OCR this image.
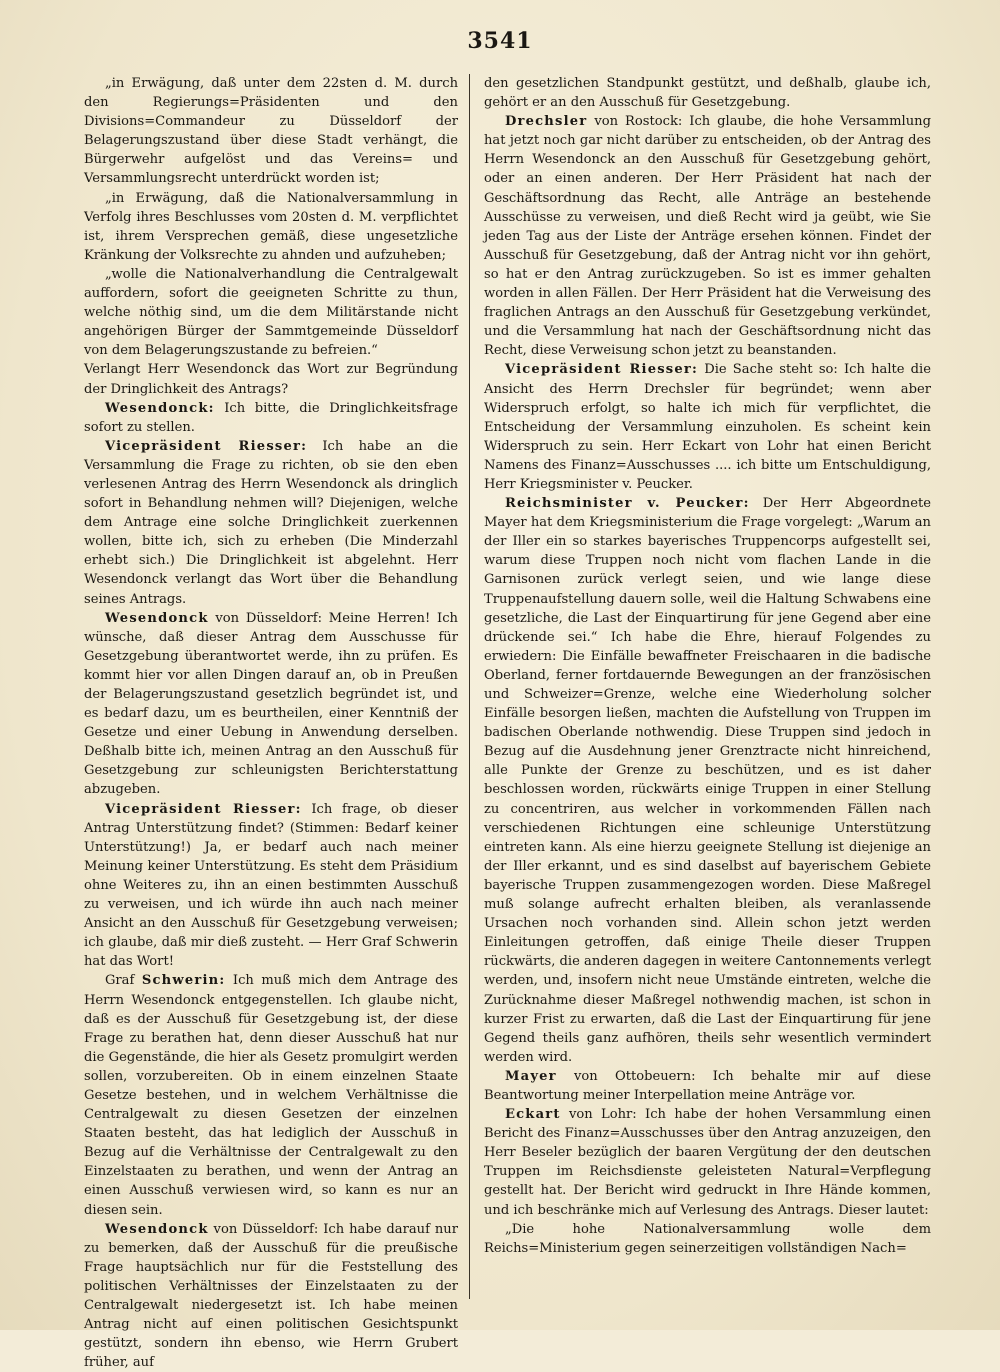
3541

„in Erwägung, daß unter dem 22sten d. M. durch den Regierungs=Präsidenten und den Divisions=Commandeur zu Düsseldorf der Belagerungszustand über diese Stadt verhängt, die Bürgerwehr aufgelöst und das Vereins= und Versammlungsrecht unterdrückt worden ist;

„in Erwägung, daß die Nationalversammlung in Verfolg ihres Beschlusses vom 20sten d. M. verpflichtet ist, ihrem Versprechen gemäß, diese ungesetzliche Kränkung der Volksrechte zu ahnden und aufzuheben;

„wolle die Nationalverhandlung die Centralgewalt auffordern, sofort die geeigneten Schritte zu thun, welche nöthig sind, um die dem Militärstande nicht angehörigen Bürger der Sammtgemeinde Düsseldorf von dem Belagerungszustande zu befreien.“

Verlangt Herr Wesendonck das Wort zur Begründung der Dringlichkeit des Antrags?

Wesendonck: Ich bitte, die Dringlichkeitsfrage sofort zu stellen.

Vicepräsident Riesser: Ich habe an die Versammlung die Frage zu richten, ob sie den eben verlesenen Antrag des Herrn Wesendonck als dringlich sofort in Behandlung nehmen will? Diejenigen, welche dem Antrage eine solche Dringlichkeit zuerkennen wollen, bitte ich, sich zu erheben (Die Minderzahl erhebt sich.) Die Dringlichkeit ist abgelehnt. Herr Wesendonck verlangt das Wort über die Behandlung seines Antrags.

Wesendonck von Düsseldorf: Meine Herren! Ich wünsche, daß dieser Antrag dem Ausschusse für Gesetzgebung überantwortet werde, ihn zu prüfen. Es kommt hier vor allen Dingen darauf an, ob in Preußen der Belagerungszustand gesetzlich begründet ist, und es bedarf dazu, um es beurtheilen, einer Kenntniß der Gesetze und einer Uebung in Anwendung derselben. Deßhalb bitte ich, meinen Antrag an den Ausschuß für Gesetzgebung zur schleunigsten Berichterstattung abzugeben.

Vicepräsident Riesser: Ich frage, ob dieser Antrag Unterstützung findet? (Stimmen: Bedarf keiner Unterstützung!) Ja, er bedarf auch nach meiner Meinung keiner Unterstützung. Es steht dem Präsidium ohne Weiteres zu, ihn an einen bestimmten Ausschuß zu verweisen, und ich würde ihn auch nach meiner Ansicht an den Ausschuß für Gesetzgebung verweisen; ich glaube, daß mir dieß zusteht. — Herr Graf Schwerin hat das Wort!

Graf Schwerin: Ich muß mich dem Antrage des Herrn Wesendonck entgegenstellen. Ich glaube nicht, daß es der Ausschuß für Gesetzgebung ist, der diese Frage zu berathen hat, denn dieser Ausschuß hat nur die Gegenstände, die hier als Gesetz promulgirt werden sollen, vorzubereiten. Ob in einem einzelnen Staate Gesetze bestehen, und in welchem Verhältnisse die Centralgewalt zu diesen Gesetzen der einzelnen Staaten besteht, das hat lediglich der Ausschuß in Bezug auf die Verhältnisse der Centralgewalt zu den Einzelstaaten zu berathen, und wenn der Antrag an einen Ausschuß verwiesen wird, so kann es nur an diesen sein.

Wesendonck von Düsseldorf: Ich habe darauf nur zu bemerken, daß der Ausschuß für die preußische Frage hauptsächlich nur für die Feststellung des politischen Verhältnisses der Einzelstaaten zu der Centralgewalt niedergesetzt ist. Ich habe meinen Antrag nicht auf einen politischen Gesichtspunkt gestützt, sondern ihn ebenso, wie Herrn Grubert früher, auf

den gesetzlichen Standpunkt gestützt, und deßhalb, glaube ich, gehört er an den Ausschuß für Gesetzgebung.

Drechsler von Rostock: Ich glaube, die hohe Versammlung hat jetzt noch gar nicht darüber zu entscheiden, ob der Antrag des Herrn Wesendonck an den Ausschuß für Gesetzgebung gehört, oder an einen anderen. Der Herr Präsident hat nach der Geschäftsordnung das Recht, alle Anträge an bestehende Ausschüsse zu verweisen, und dieß Recht wird ja geübt, wie Sie jeden Tag aus der Liste der Anträge ersehen können. Findet der Ausschuß für Gesetzgebung, daß der Antrag nicht vor ihn gehört, so hat er den Antrag zurückzugeben. So ist es immer gehalten worden in allen Fällen. Der Herr Präsident hat die Verweisung des fraglichen Antrags an den Ausschuß für Gesetzgebung verkündet, und die Versammlung hat nach der Geschäftsordnung nicht das Recht, diese Verweisung schon jetzt zu beanstanden.

Vicepräsident Riesser: Die Sache steht so: Ich halte die Ansicht des Herrn Drechsler für begründet; wenn aber Widerspruch erfolgt, so halte ich mich für verpflichtet, die Entscheidung der Versammlung einzuholen. Es scheint kein Widerspruch zu sein. Herr Eckart von Lohr hat einen Bericht Namens des Finanz=Ausschusses .... ich bitte um Entschuldigung, Herr Kriegsminister v. Peucker.

Reichsminister v. Peucker: Der Herr Abgeordnete Mayer hat dem Kriegsministerium die Frage vorgelegt: „Warum an der Iller ein so starkes bayerisches Truppencorps aufgestellt sei, warum diese Truppen noch nicht vom flachen Lande in die Garnisonen zurück verlegt seien, und wie lange diese Truppenaufstellung dauern solle, weil die Haltung Schwabens eine gesetzliche, die Last der Einquartirung für jene Gegend aber eine drückende sei.“ Ich habe die Ehre, hierauf Folgendes zu erwiedern: Die Einfälle bewaffneter Freischaaren in die badische Oberland, ferner fortdauernde Bewegungen an der französischen und Schweizer=Grenze, welche eine Wiederholung solcher Einfälle besorgen ließen, machten die Aufstellung von Truppen im badischen Oberlande nothwendig. Diese Truppen sind jedoch in Bezug auf die Ausdehnung jener Grenztracte nicht hinreichend, alle Punkte der Grenze zu beschützen, und es ist daher beschlossen worden, rückwärts einige Truppen in einer Stellung zu concentriren, aus welcher in vorkommenden Fällen nach verschiedenen Richtungen eine schleunige Unterstützung eintreten kann. Als eine hierzu geeignete Stellung ist diejenige an der Iller erkannt, und es sind daselbst auf bayerischem Gebiete bayerische Truppen zusammengezogen worden. Diese Maßregel muß solange aufrecht erhalten bleiben, als veranlassende Ursachen noch vorhanden sind. Allein schon jetzt werden Einleitungen getroffen, daß einige Theile dieser Truppen rückwärts, die anderen dagegen in weitere Cantonnements verlegt werden, und, insofern nicht neue Umstände eintreten, welche die Zurücknahme dieser Maßregel nothwendig machen, ist schon in kurzer Frist zu erwarten, daß die Last der Einquartirung für jene Gegend theils ganz aufhören, theils sehr wesentlich vermindert werden wird.

Mayer von Ottobeuern: Ich behalte mir auf diese Beantwortung meiner Interpellation meine Anträge vor.

Eckart von Lohr: Ich habe der hohen Versammlung einen Bericht des Finanz=Ausschusses über den Antrag anzuzeigen, den Herr Beseler bezüglich der baaren Vergütung der den deutschen Truppen im Reichsdienste geleisteten Natural=Verpflegung gestellt hat. Der Bericht wird gedruckt in Ihre Hände kommen, und ich beschränke mich auf Verlesung des Antrags. Dieser lautet:

„Die hohe Nationalversammlung wolle dem Reichs=Ministerium gegen seinerzeitigen vollständigen Nach=
